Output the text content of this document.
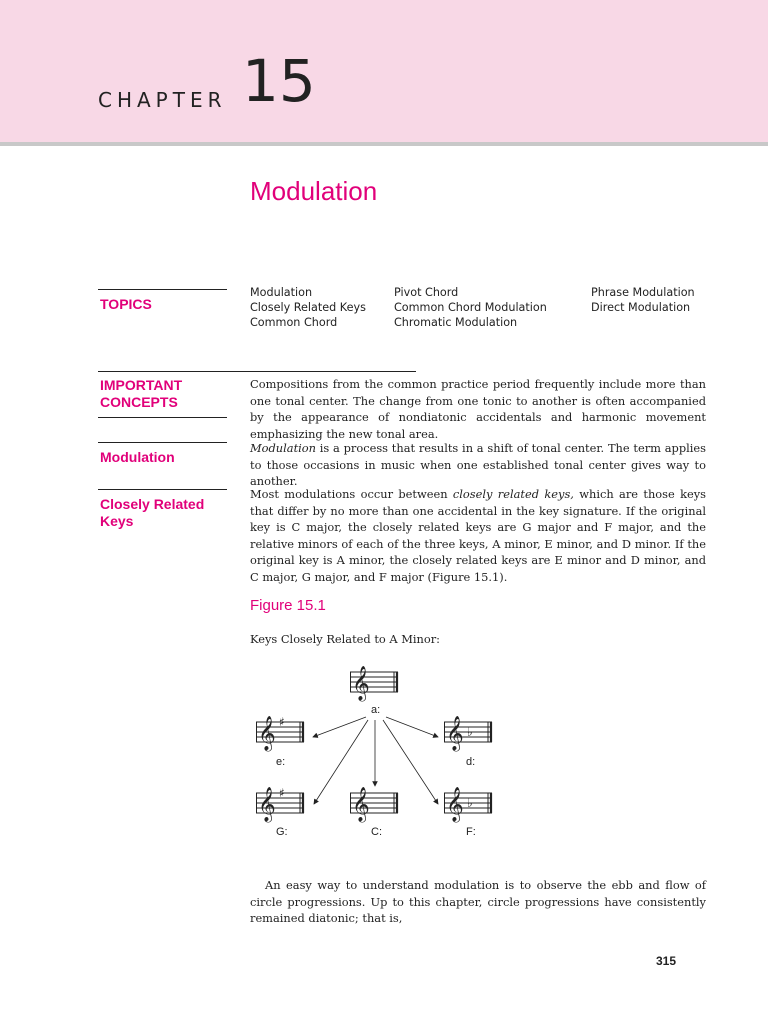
CHAPTER 15
Modulation
TOPICS
Modulation
Closely Related Keys
Common Chord
Pivot Chord
Common Chord Modulation
Chromatic Modulation
Phrase Modulation
Direct Modulation
IMPORTANT
CONCEPTS
Compositions from the common practice period frequently include more than one tonal center. The change from one tonic to another is often accompanied by the appearance of nondiatonic accidentals and harmonic movement emphasizing the new tonal area.
Modulation
Modulation is a process that results in a shift of tonal center. The term applies to those occasions in music when one established tonal center gives way to another.
Closely Related
Keys
Most modulations occur between closely related keys, which are those keys that differ by no more than one accidental in the key signature. If the original key is C major, the closely related keys are G major and F major, and the relative minors of each of the three keys, A minor, E minor, and D minor. If the original key is A minor, the closely related keys are E minor and D minor, and C major, G major, and F major (Figure 15.1).
Figure 15.1
Keys Closely Related to A Minor:
𝄞
a:
𝄞 ♯
e:
𝄞 ♭
d:
𝄞 ♯
G:
𝄞
C:
𝄞 ♭
F:
An easy way to understand modulation is to observe the ebb and flow of circle progressions. Up to this chapter, circle progressions have consistently remained diatonic; that is,
315
